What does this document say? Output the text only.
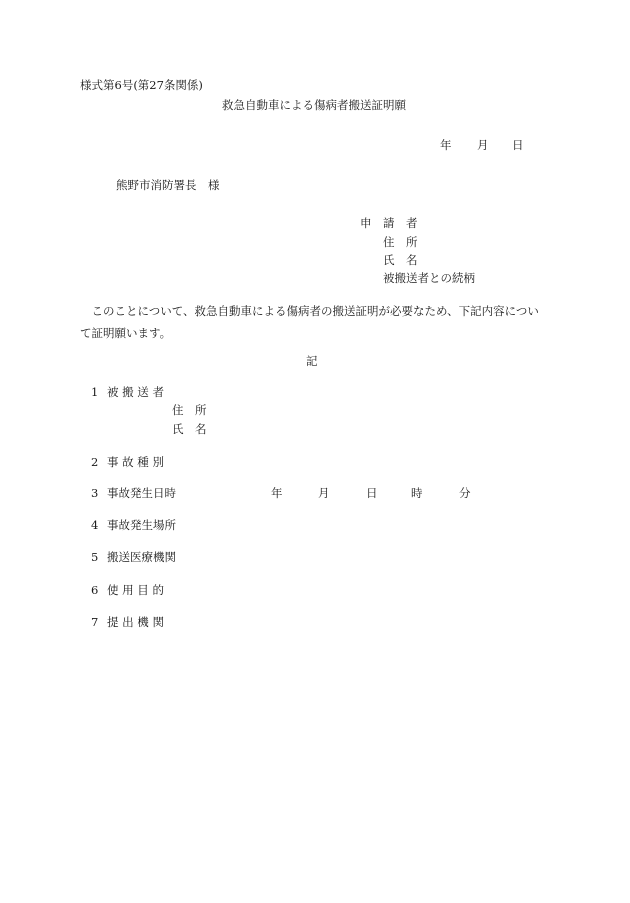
様式第6号(第27条関係)
救急自動車による傷病者搬送証明願
年 月 日
熊野市消防署長　様
申　請　者
住　所
氏　名
被搬送者との続柄
　このことについて、救急自動車による傷病者の搬送証明が必要なため、下記内容について証明願います。
記
1 被 搬 送 者
住　所
氏　名
2 事 故 種 別
3 事故発生日時	年	月	日	時	分
4 事故発生場所
5 搬送医療機関
6 使 用 目 的
7 提 出 機 関
